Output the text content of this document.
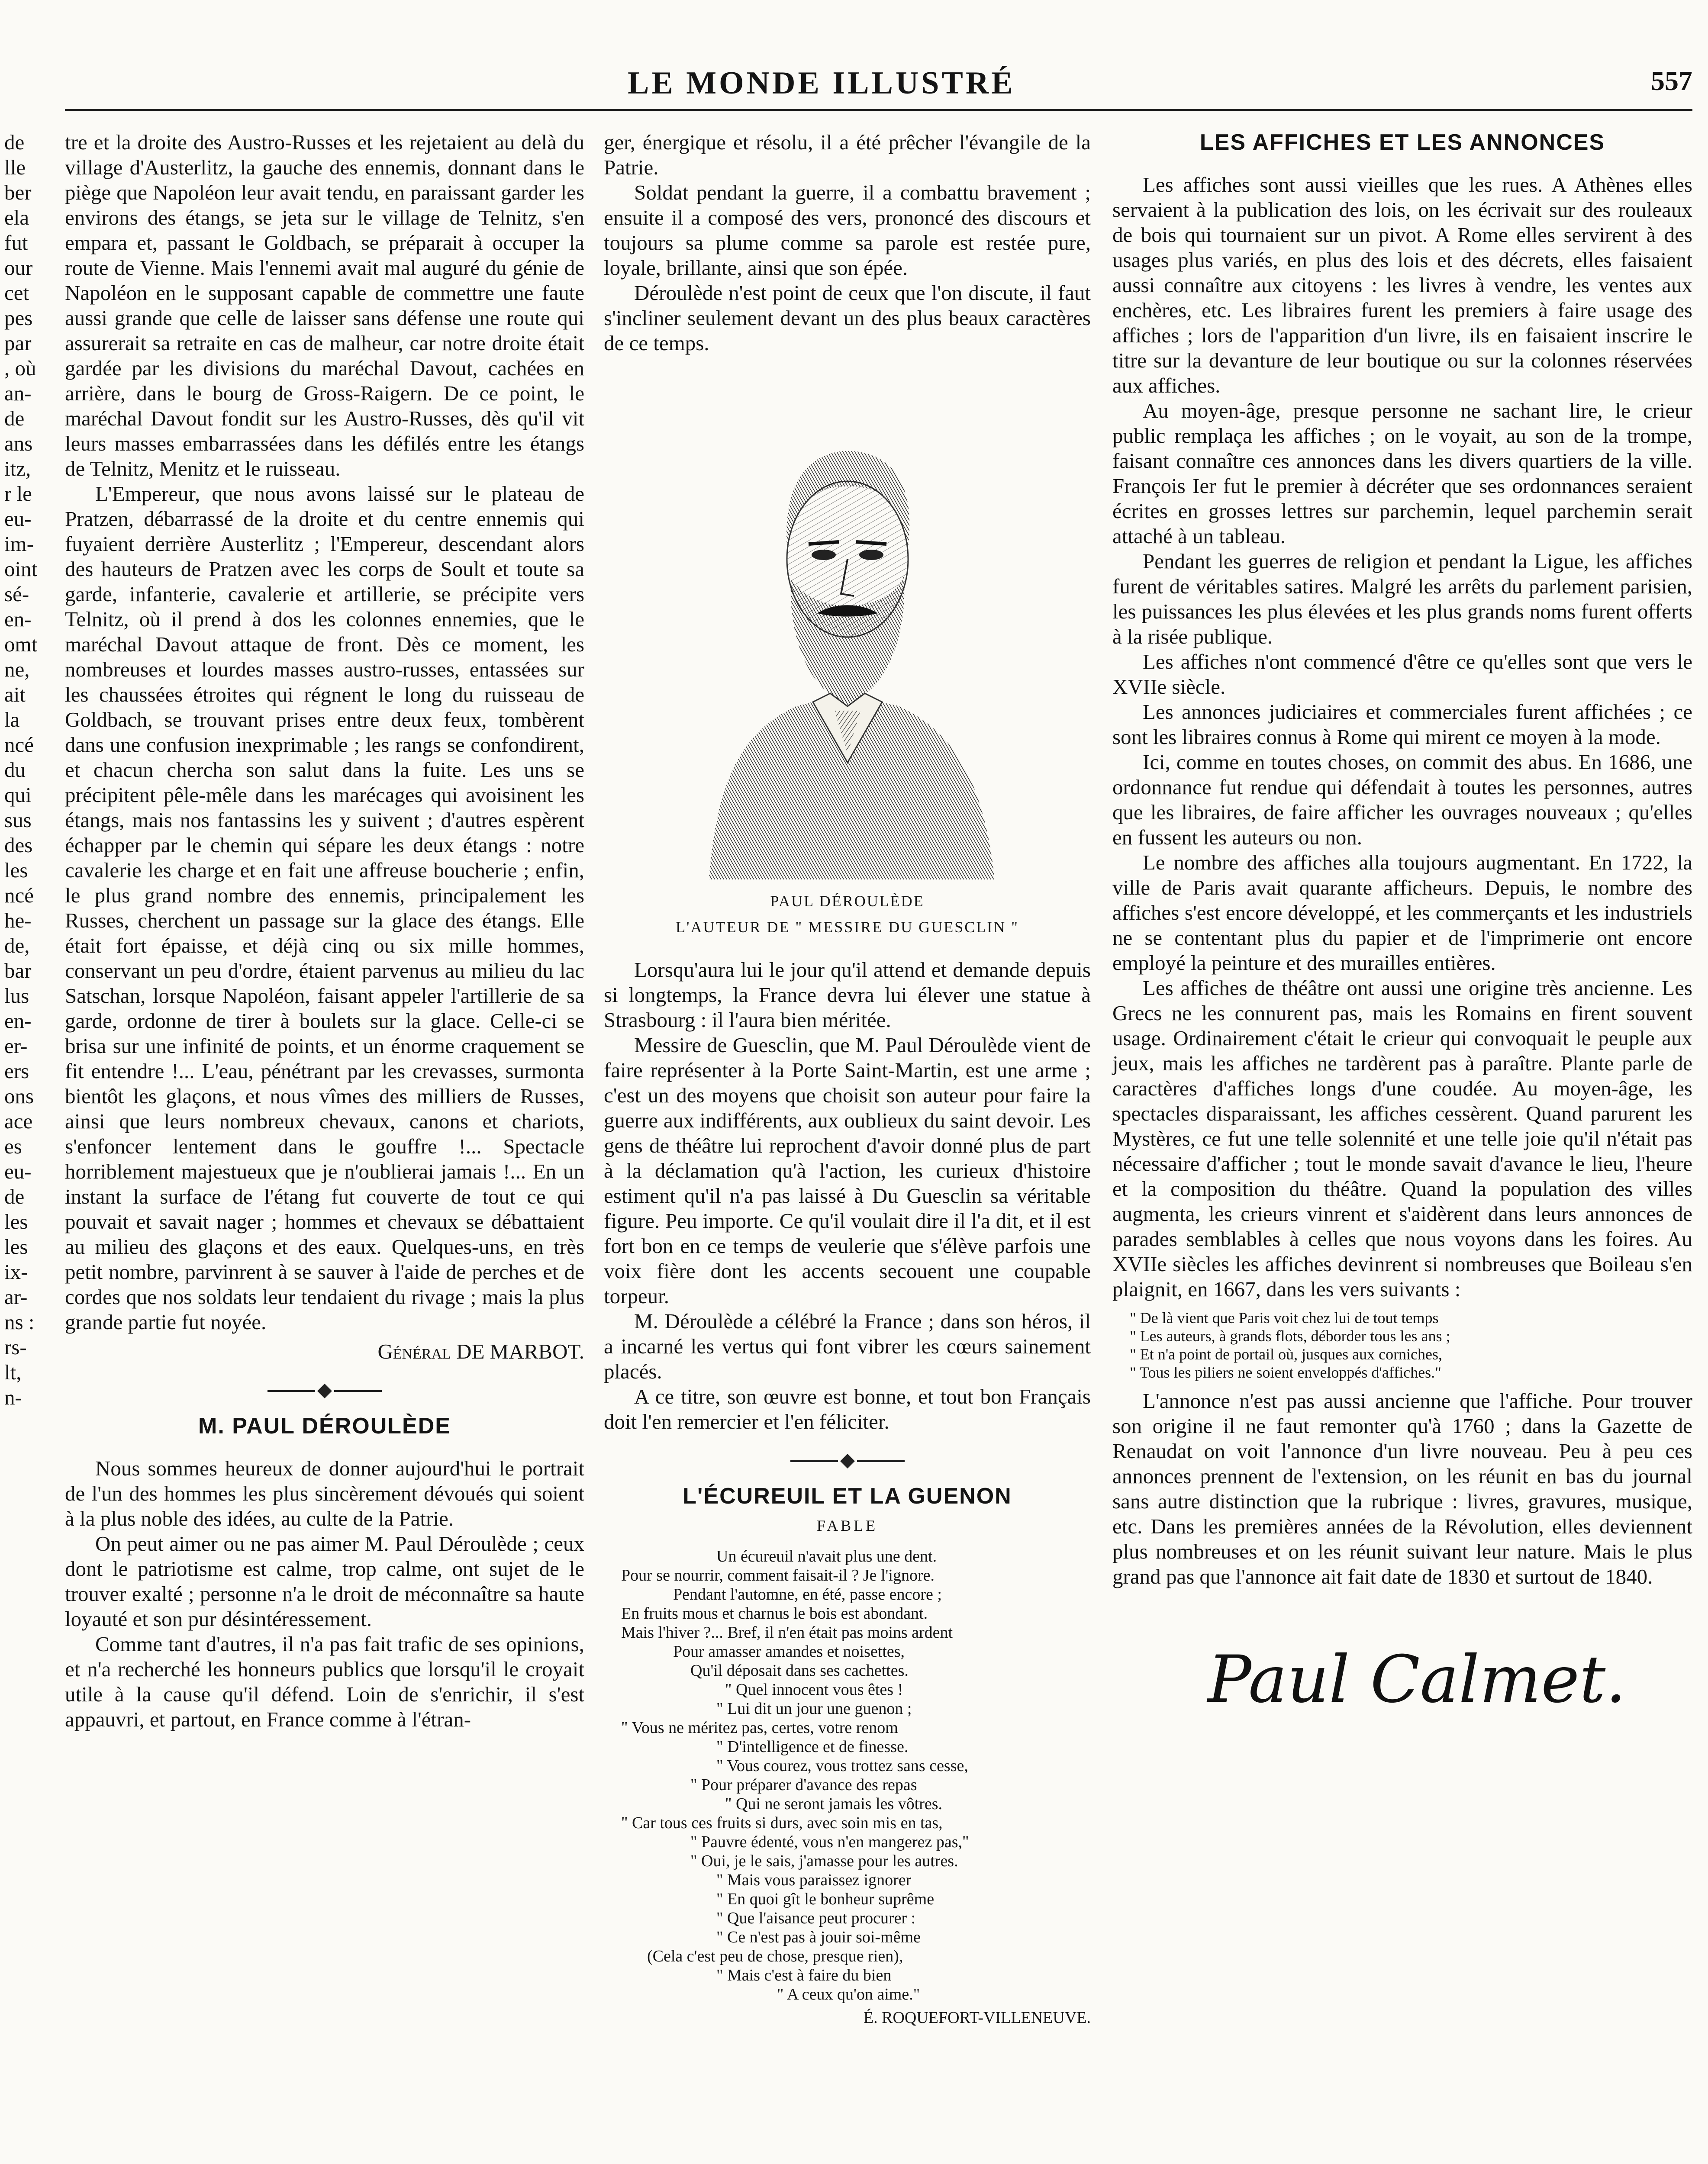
LE MONDE ILLUSTRÉ	557
de
lle
ber
ela
fut
our
cet
pes
par
, où
an-
de
ans
itz,
r le
eu-
im-
oint
sé-
en-
omt
ne,
ait
la
ncé
du
qui
sus
des
les
ncé
he-
de,
bar
lus
en-
er-
ers
ons
ace
es
eu-
de
les
les
ix-
ar-
ns :
rs-
lt,
n-

tre et la droite des Austro-Russes et les rejetaient au delà du village d'Austerlitz, la gauche des ennemis, donnant dans le piège que Napoléon leur avait tendu, en paraissant garder les environs des étangs, se jeta sur le village de Telnitz, s'en empara et, passant le Goldbach, se préparait à occuper la route de Vienne. Mais l'ennemi avait mal auguré du génie de Napoléon en le supposant capable de commettre une faute aussi grande que celle de laisser sans défense une route qui assurerait sa retraite en cas de malheur, car notre droite était gardée par les divisions du maréchal Davout, cachées en arrière, dans le bourg de Gross-Raigern. De ce point, le maréchal Davout fondit sur les Austro-Russes, dès qu'il vit leurs masses embarrassées dans les défilés entre les étangs de Telnitz, Menitz et le ruisseau.

L'Empereur, que nous avons laissé sur le plateau de Pratzen, débarrassé de la droite et du centre ennemis qui fuyaient derrière Austerlitz ; l'Empereur, descendant alors des hauteurs de Pratzen avec les corps de Soult et toute sa garde, infanterie, cavalerie et artillerie, se précipite vers Telnitz, où il prend à dos les colonnes ennemies, que le maréchal Davout attaque de front. Dès ce moment, les nombreuses et lourdes masses austro-russes, entassées sur les chaussées étroites qui régnent le long du ruisseau de Goldbach, se trouvant prises entre deux feux, tombèrent dans une confusion inexprimable ; les rangs se confondirent, et chacun chercha son salut dans la fuite. Les uns se précipitent pêle-mêle dans les marécages qui avoisinent les étangs, mais nos fantassins les y suivent ; d'autres espèrent échapper par le chemin qui sépare les deux étangs : notre cavalerie les charge et en fait une affreuse boucherie ; enfin, le plus grand nombre des ennemis, principalement les Russes, cherchent un passage sur la glace des étangs. Elle était fort épaisse, et déjà cinq ou six mille hommes, conservant un peu d'ordre, étaient parvenus au milieu du lac Satschan, lorsque Napoléon, faisant appeler l'artillerie de sa garde, ordonne de tirer à boulets sur la glace. Celle-ci se brisa sur une infinité de points, et un énorme craquement se fit entendre !... L'eau, pénétrant par les crevasses, surmonta bientôt les glaçons, et nous vîmes des milliers de Russes, ainsi que leurs nombreux chevaux, canons et chariots, s'enfoncer lentement dans le gouffre !... Spectacle horriblement majestueux que je n'oublierai jamais !... En un instant la surface de l'étang fut couverte de tout ce qui pouvait et savait nager ; hommes et chevaux se débattaient au milieu des glaçons et des eaux. Quelques-uns, en très petit nombre, parvinrent à se sauver à l'aide de perches et de cordes que nos soldats leur tendaient du rivage ; mais la plus grande partie fut noyée.

Général DE MARBOT.
M. PAUL DÉROULÈDE

Nous sommes heureux de donner aujourd'hui le portrait de l'un des hommes les plus sincèrement dévoués qui soient à la plus noble des idées, au culte de la Patrie.

On peut aimer ou ne pas aimer M. Paul Déroulède ; ceux dont le patriotisme est calme, trop calme, ont sujet de le trouver exalté ; personne n'a le droit de méconnaître sa haute loyauté et son pur désintéressement.

Comme tant d'autres, il n'a pas fait trafic de ses opinions, et n'a recherché les honneurs publics que lorsqu'il le croyait utile à la cause qu'il défend. Loin de s'enrichir, il s'est appauvri, et partout, en France comme à l'étran-

ger, énergique et résolu, il a été prêcher l'évangile de la Patrie.

Soldat pendant la guerre, il a combattu bravement ; ensuite il a composé des vers, prononcé des discours et toujours sa plume comme sa parole est restée pure, loyale, brillante, ainsi que son épée.

Déroulède n'est point de ceux que l'on discute, il faut s'incliner seulement devant un des plus beaux caractères de ce temps.

PAUL DÉROULÈDE
L'AUTEUR DE " MESSIRE DU GUESCLIN "

Lorsqu'aura lui le jour qu'il attend et demande depuis si longtemps, la France devra lui élever une statue à Strasbourg : il l'aura bien méritée.

Messire de Guesclin, que M. Paul Déroulède vient de faire représenter à la Porte Saint-Martin, est une arme ; c'est un des moyens que choisit son auteur pour faire la guerre aux indifférents, aux oublieux du saint devoir. Les gens de théâtre lui reprochent d'avoir donné plus de part à la déclamation qu'à l'action, les curieux d'histoire estiment qu'il n'a pas laissé à Du Guesclin sa véritable figure. Peu importe. Ce qu'il voulait dire il l'a dit, et il est fort bon en ce temps de veulerie que s'élève parfois une voix fière dont les accents secouent une coupable torpeur.

M. Déroulède a célébré la France ; dans son héros, il a incarné les vertus qui font vibrer les cœurs sainement placés.

A ce titre, son œuvre est bonne, et tout bon Français doit l'en remercier et l'en féliciter.

L'ÉCUREUIL ET LA GUENON
FABLE
Un écureuil n'avait plus une dent.
Pour se nourrir, comment faisait-il ? Je l'ignore.
Pendant l'automne, en été, passe encore ;
En fruits mous et charnus le bois est abondant.
Mais l'hiver ?... Bref, il n'en était pas moins ardent
Pour amasser amandes et noisettes,
Qu'il déposait dans ses cachettes.
" Quel innocent vous êtes !
" Lui dit un jour une guenon ;
" Vous ne méritez pas, certes, votre renom
" D'intelligence et de finesse.
" Vous courez, vous trottez sans cesse,
" Pour préparer d'avance des repas
" Qui ne seront jamais les vôtres.
" Car tous ces fruits si durs, avec soin mis en tas,
" Pauvre édenté, vous n'en mangerez pas,"
" Oui, je le sais, j'amasse pour les autres.
" Mais vous paraissez ignorer
" En quoi gît le bonheur suprême
" Que l'aisance peut procurer :
" Ce n'est pas à jouir soi-même
(Cela c'est peu de chose, presque rien),
" Mais c'est à faire du bien
" A ceux qu'on aime."
É. ROQUEFORT-VILLENEUVE.
LES AFFICHES ET LES ANNONCES

Les affiches sont aussi vieilles que les rues. A Athènes elles servaient à la publication des lois, on les écrivait sur des rouleaux de bois qui tournaient sur un pivot. A Rome elles servirent à des usages plus variés, en plus des lois et des décrets, elles faisaient aussi connaître aux citoyens : les livres à vendre, les ventes aux enchères, etc. Les libraires furent les premiers à faire usage des affiches ; lors de l'apparition d'un livre, ils en faisaient inscrire le titre sur la devanture de leur boutique ou sur la colonnes réservées aux affiches.

Au moyen-âge, presque personne ne sachant lire, le crieur public remplaça les affiches ; on le voyait, au son de la trompe, faisant connaître ces annonces dans les divers quartiers de la ville. François Ier fut le premier à décréter que ses ordonnances seraient écrites en grosses lettres sur parchemin, lequel parchemin serait attaché à un tableau.

Pendant les guerres de religion et pendant la Ligue, les affiches furent de véritables satires. Malgré les arrêts du parlement parisien, les puissances les plus élevées et les plus grands noms furent offerts à la risée publique.

Les affiches n'ont commencé d'être ce qu'elles sont que vers le XVIIe siècle.

Les annonces judiciaires et commerciales furent affichées ; ce sont les libraires connus à Rome qui mirent ce moyen à la mode.

Ici, comme en toutes choses, on commit des abus. En 1686, une ordonnance fut rendue qui défendait à toutes les personnes, autres que les libraires, de faire afficher les ouvrages nouveaux ; qu'elles en fussent les auteurs ou non.

Le nombre des affiches alla toujours augmentant. En 1722, la ville de Paris avait quarante afficheurs. Depuis, le nombre des affiches s'est encore développé, et les commerçants et les industriels ne se contentant plus du papier et de l'imprimerie ont encore employé la peinture et des murailles entières.

Les affiches de théâtre ont aussi une origine très ancienne. Les Grecs ne les connurent pas, mais les Romains en firent souvent usage. Ordinairement c'était le crieur qui convoquait le peuple aux jeux, mais les affiches ne tardèrent pas à paraître. Plante parle de caractères d'affiches longs d'une coudée. Au moyen-âge, les spectacles disparaissant, les affiches cessèrent. Quand parurent les Mystères, ce fut une telle solennité et une telle joie qu'il n'était pas nécessaire d'afficher ; tout le monde savait d'avance le lieu, l'heure et la composition du théâtre. Quand la population des villes augmenta, les crieurs vinrent et s'aidèrent dans leurs annonces de parades semblables à celles que nous voyons dans les foires. Au XVIIe siècles les affiches devinrent si nombreuses que Boileau s'en plaignit, en 1667, dans les vers suivants :

" De là vient que Paris voit chez lui de tout temps
" Les auteurs, à grands flots, déborder tous les ans ;
" Et n'a point de portail où, jusques aux corniches,
" Tous les piliers ne soient enveloppés d'affiches."

L'annonce n'est pas aussi ancienne que l'affiche. Pour trouver son origine il ne faut remonter qu'à 1760 ; dans la Gazette de Renaudat on voit l'annonce d'un livre nouveau. Peu à peu ces annonces prennent de l'extension, on les réunit en bas du journal sans autre distinction que la rubrique : livres, gravures, musique, etc. Dans les premières années de la Révolution, elles deviennent plus nombreuses et on les réunit suivant leur nature. Mais le plus grand pas que l'annonce ait fait date de 1830 et surtout de 1840.

Paul Calmet.
